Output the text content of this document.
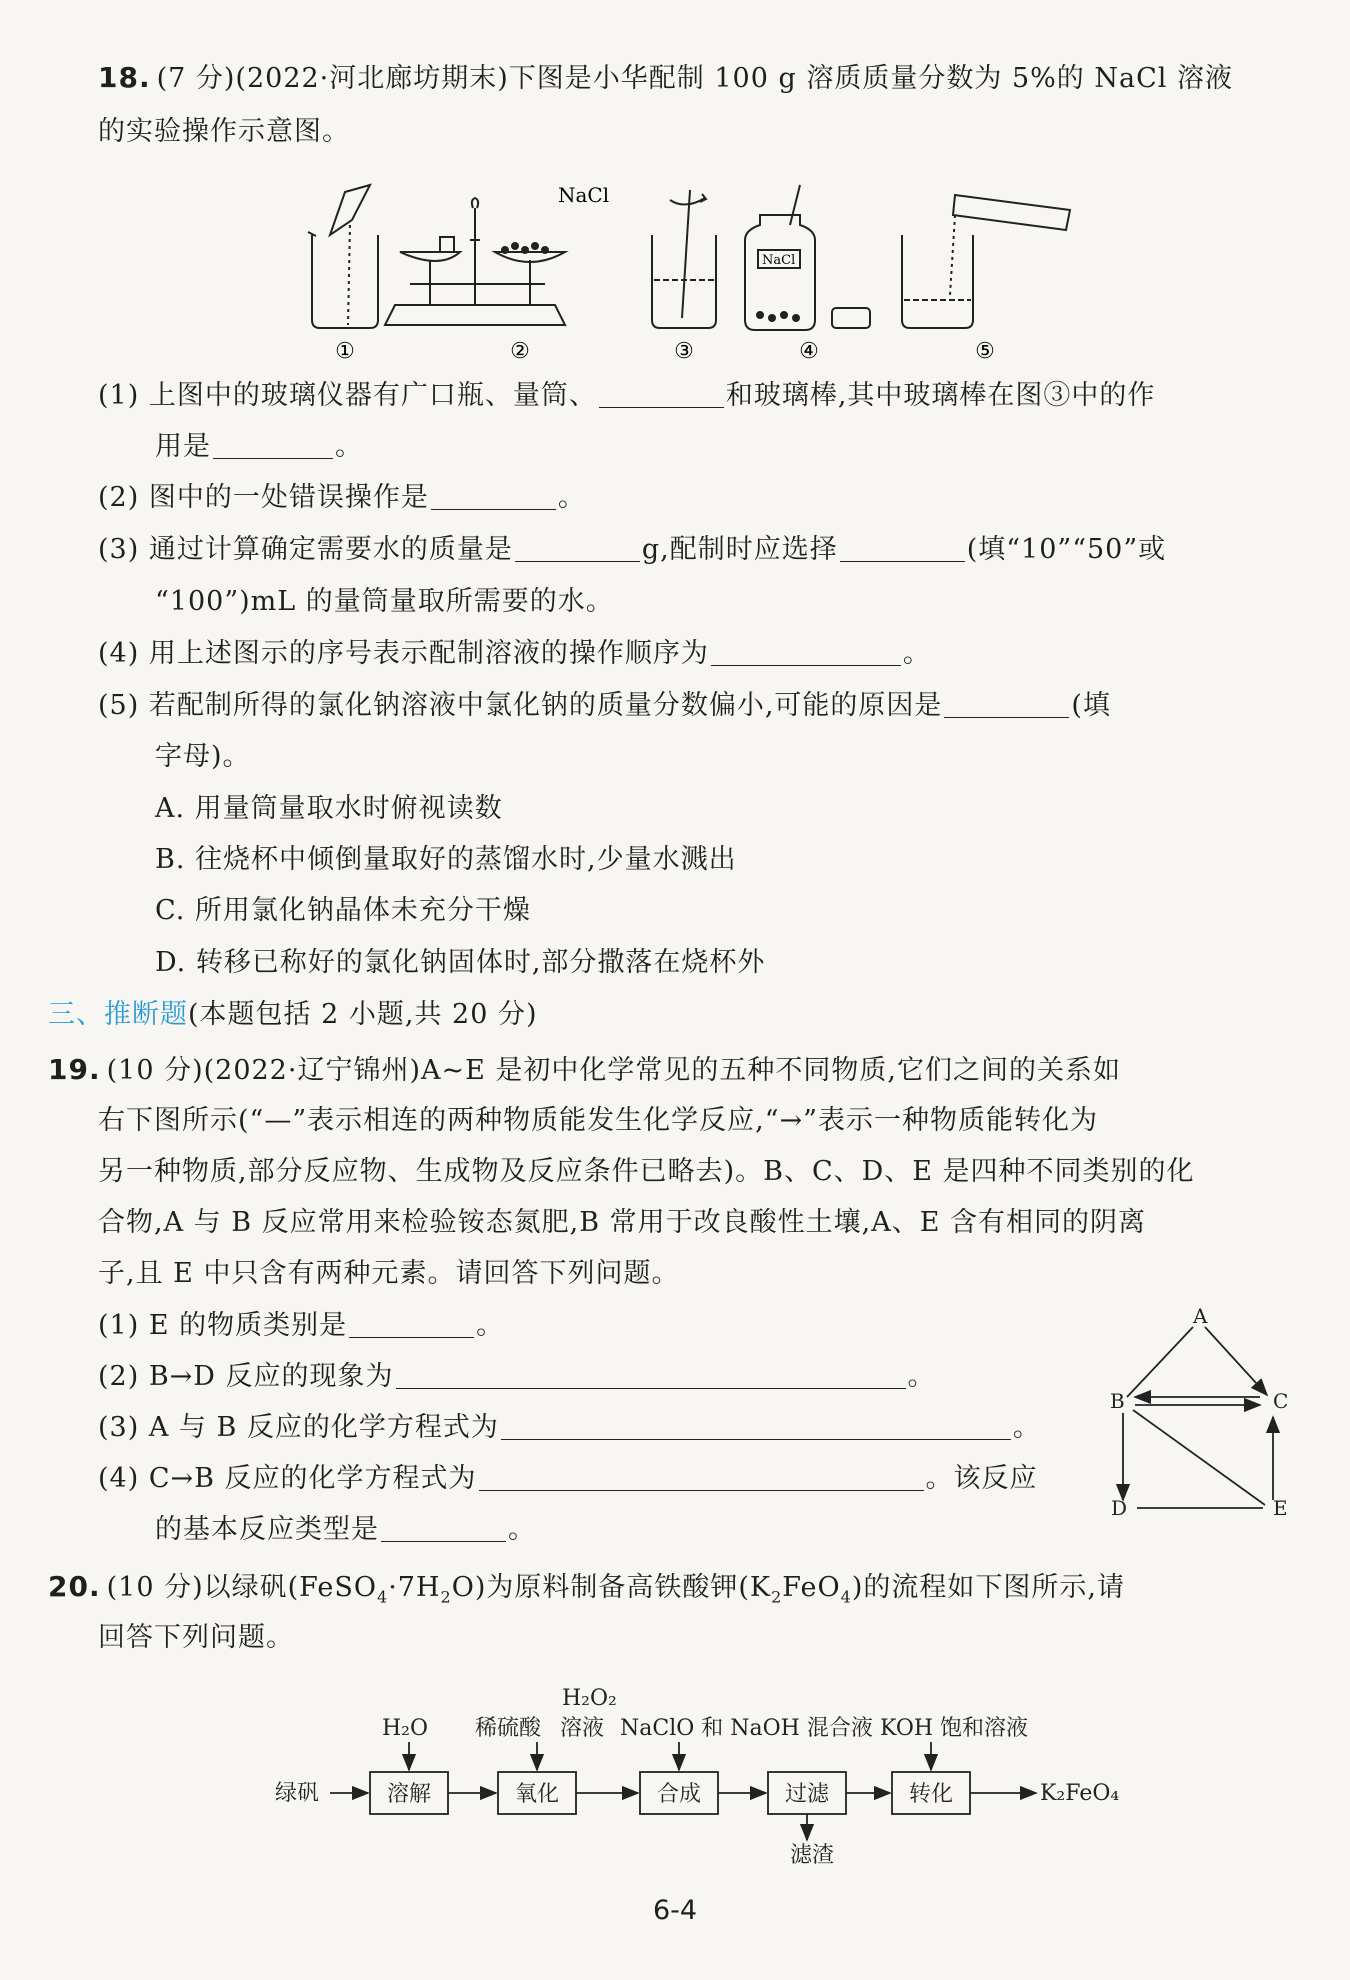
18. (7 分)(2022·河北廊坊期末)下图是小华配制 100 g 溶质质量分数为 5%的 NaCl 溶液
的实验操作示意图。
NaCl
NaCl
①	②	③	④	⑤
(1) 上图中的玻璃仪器有广口瓶、量筒、	和玻璃棒,其中玻璃棒在图③中的作
用是	。
(2) 图中的一处错误操作是	。
(3) 通过计算确定需要水的质量是	g,配制时应选择	(填“10”“50”或
“100”)mL 的量筒量取所需要的水。
(4) 用上述图示的序号表示配制溶液的操作顺序为	。
(5) 若配制所得的氯化钠溶液中氯化钠的质量分数偏小,可能的原因是	(填
字母)。
A. 用量筒量取水时俯视读数
B. 往烧杯中倾倒量取好的蒸馏水时,少量水溅出
C. 所用氯化钠晶体未充分干燥
D. 转移已称好的氯化钠固体时,部分撒落在烧杯外
三、推断题(本题包括 2 小题,共 20 分)
19. (10 分)(2022·辽宁锦州)A~E 是初中化学常见的五种不同物质,它们之间的关系如
右下图所示(“—”表示相连的两种物质能发生化学反应,“→”表示一种物质能转化为
另一种物质,部分反应物、生成物及反应条件已略去)。B、C、D、E 是四种不同类别的化
合物,A 与 B 反应常用来检验铵态氮肥,B 常用于改良酸性土壤,A、E 含有相同的阴离
子,且 E 中只含有两种元素。请回答下列问题。
(1) E 的物质类别是	。
(2) B→D 反应的现象为	。
(3) A 与 B 反应的化学方程式为	。
(4) C→B 反应的化学方程式为	。该反应
的基本反应类型是	。
A
B	C
D	E
20. (10 分)以绿矾$(FeSO_4\cdot 7H_2O)$为原料制备高铁酸钾$(K_2FeO_4)$的流程如下图所示,请
回答下列问题。
绿矾
H₂O 稀硫酸
H₂O₂
溶液 NaClO 和 NaOH 混合液 KOH 饱和溶液
滤渣
K₂FeO₄
溶解	氧化	合成	过滤	转化
6-4
